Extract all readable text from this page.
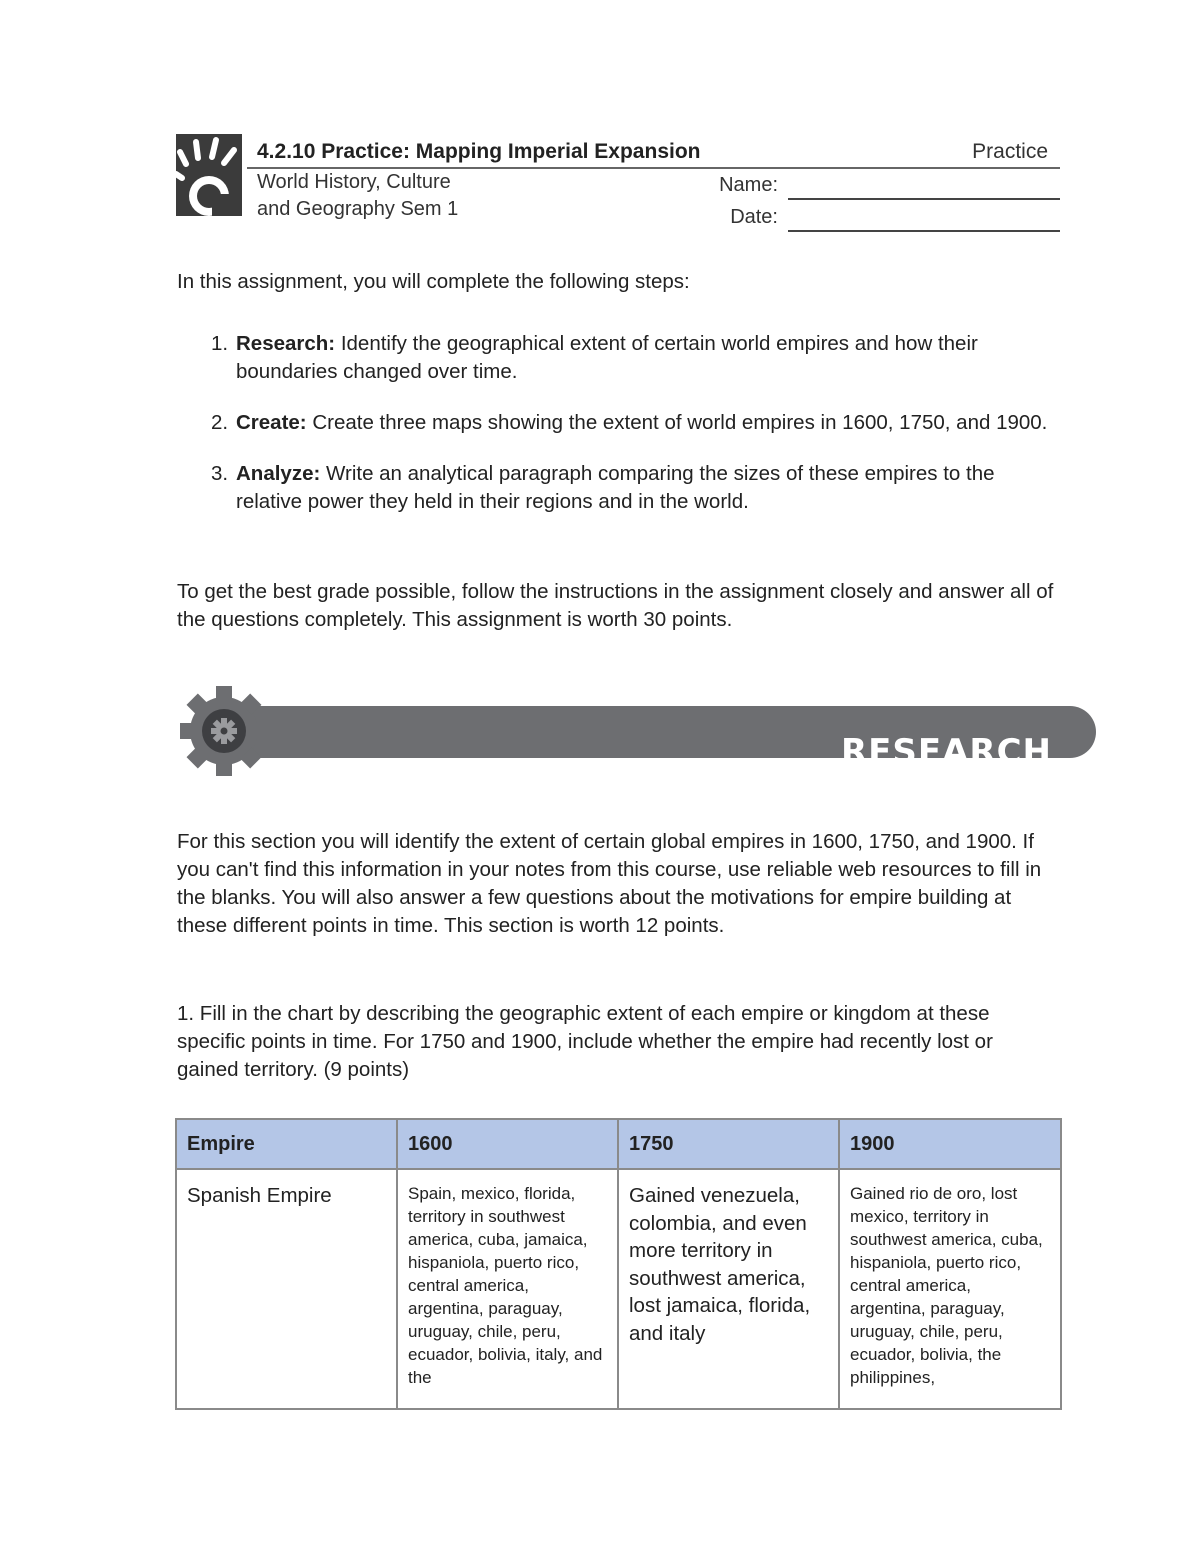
4.2.10 Practice: Mapping Imperial Expansion	Practice
World History, Culture
and Geography Sem 1
Name:
Date:
In this assignment, you will complete the following steps:
1. Research: Identify the geographical extent of certain world empires and how their boundaries changed over time.
2. Create: Create three maps showing the extent of world empires in 1600, 1750, and 1900.
3. Analyze: Write an analytical paragraph comparing the sizes of these empires to the relative power they held in their regions and in the world.
To get the best grade possible, follow the instructions in the assignment closely and answer all of the questions completely. This assignment is worth 30 points.
RESEARCH
For this section you will identify the extent of certain global empires in 1600, 1750, and 1900. If you can't find this information in your notes from this course, use reliable web resources to fill in the blanks. You will also answer a few questions about the motivations for empire building at these different points in time. This section is worth 12 points.
1. Fill in the chart by describing the geographic extent of each empire or kingdom at these specific points in time. For 1750 and 1900, include whether the empire had recently lost or gained territory. (9 points)
Empire	1600	1750	1900
Spanish Empire	Spain, mexico, florida, territory in southwest america, cuba, jamaica, hispaniola, puerto rico, central america, argentina, paraguay, uruguay, chile, peru, ecuador, bolivia, italy, and the	Gained venezuela, colombia, and even more territory in southwest america, lost jamaica, florida, and italy	Gained rio de oro, lost mexico, territory in southwest america, cuba, hispaniola, puerto rico, central america, argentina, paraguay, uruguay, chile, peru, ecuador, bolivia, the philippines,
